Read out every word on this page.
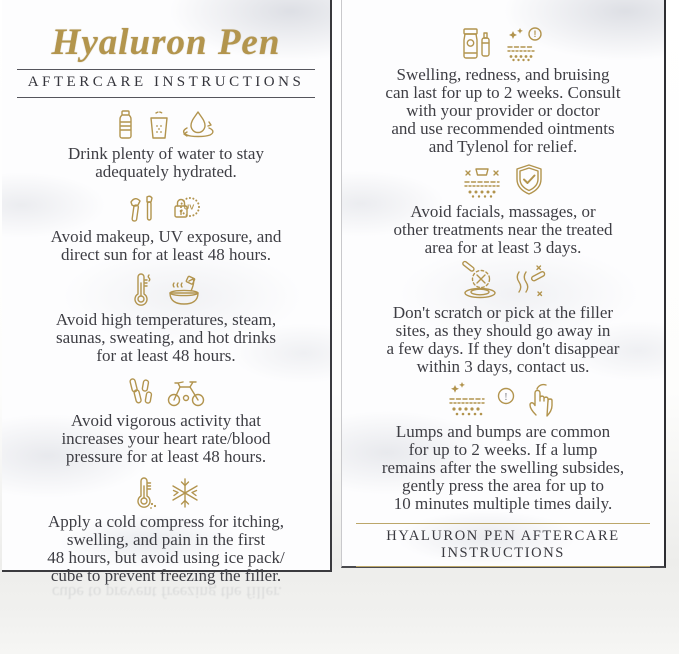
Hyaluron Pen
AFTERCARE INSTRUCTIONS

Drink plenty of water to stay
adequately hydrated.

UV

Avoid makeup, UV exposure, and
direct sun for at least 48 hours.

Avoid high temperatures, steam,
saunas, sweating, and hot drinks
for at least 48 hours.

Avoid vigorous activity that
increases your heart rate/blood
pressure for at least 48 hours.

Apply a cold compress for itching,
swelling, and pain in the first
48 hours, but avoid using ice pack/
cube to prevent freezing the filler.

!

Swelling, redness, and bruising
can last for up to 2 weeks. Consult
with your provider or doctor
and use recommended ointments
and Tylenol for relief.

Avoid facials, massages, or
other treatments near the treated
area for at least 3 days.

Don't scratch or pick at the filler
sites, as they should go away in
a few days. If they don't disappear
within 3 days, contact us.

!

Lumps and bumps are common
for up to 2 weeks. If a lump
remains after the swelling subsides,
gently press the area for up to
10 minutes multiple times daily.

HYALURON PEN AFTERCARE INSTRUCTIONS
cube to prevent freezing the filler.
